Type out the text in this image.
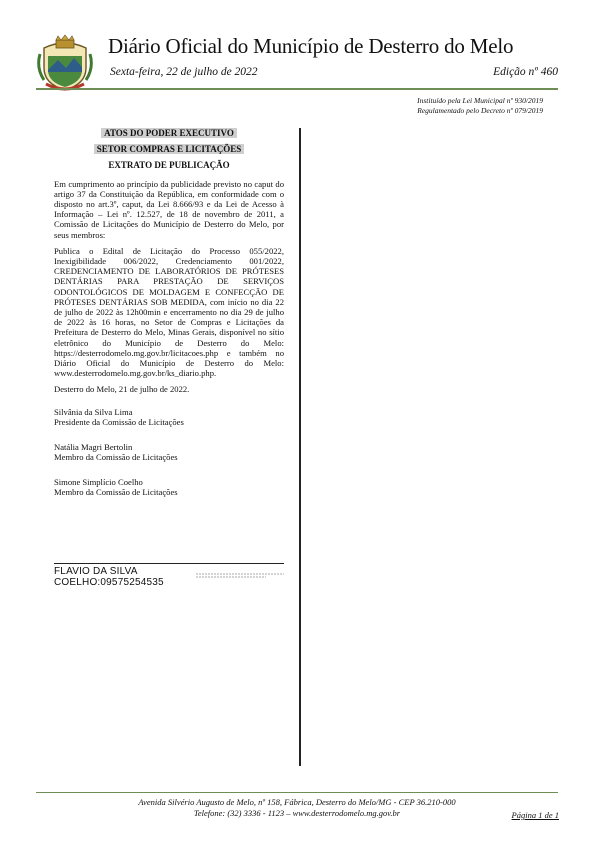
Diário Oficial do Município de Desterro do Melo
Sexta-feira, 22 de julho de 2022	Edição nº 460
Instituído pela Lei Municipal nº 930/2019
Regulamentado pelo Decreto nº 079/2019
ATOS DO PODER EXECUTIVO
SETOR COMPRAS E LICITAÇÕES
EXTRATO DE PUBLICAÇÃO

Em cumprimento ao princípio da publicidade previsto no caput do artigo 37 da Constituição da República, em conformidade com o disposto no art.3º, caput, da Lei 8.666/93 e da Lei de Acesso à Informação – Lei nº. 12.527, de 18 de novembro de 2011, a Comissão de Licitações do Município de Desterro do Melo, por seus membros:

Publica o Edital de Licitação do Processo 055/2022, Inexigibilidade 006/2022, Credenciamento 001/2022, CREDENCIAMENTO DE LABORATÓRIOS DE PRÓTESES DENTÁRIAS PARA PRESTAÇÃO DE SERVIÇOS ODONTOLÓGICOS DE MOLDAGEM E CONFECÇÃO DE PRÓTESES DENTÁRIAS SOB MEDIDA, com início no dia 22 de julho de 2022 às 12h00min e encerramento no dia 29 de julho de 2022 às 16 horas, no Setor de Compras e Licitações da Prefeitura de Desterro do Melo, Minas Gerais, disponível no sítio eletrônico do Município de Desterro do Melo: https://desterrodomelo.mg.gov.br/licitacoes.php e também no Diário Oficial do Município de Desterro do Melo: www.desterrodomelo.mg.gov.br/ks_diario.php.

Desterro do Melo, 21 de julho de 2022.

Silvânia da Silva Lima
Presidente da Comissão de Licitações
Natália Magri Bertolin
Membro da Comissão de Licitações
Simone Simplício Coelho
Membro da Comissão de Licitações
FLAVIO DA SILVA
COELHO:09575254535
Avenida Silvério Augusto de Melo, nº 158, Fábrica, Desterro do Melo/MG - CEP 36.210-000
Telefone: (32) 3336 - 1123 – www.desterrodomelo.mg.gov.br	Página 1 de 1
